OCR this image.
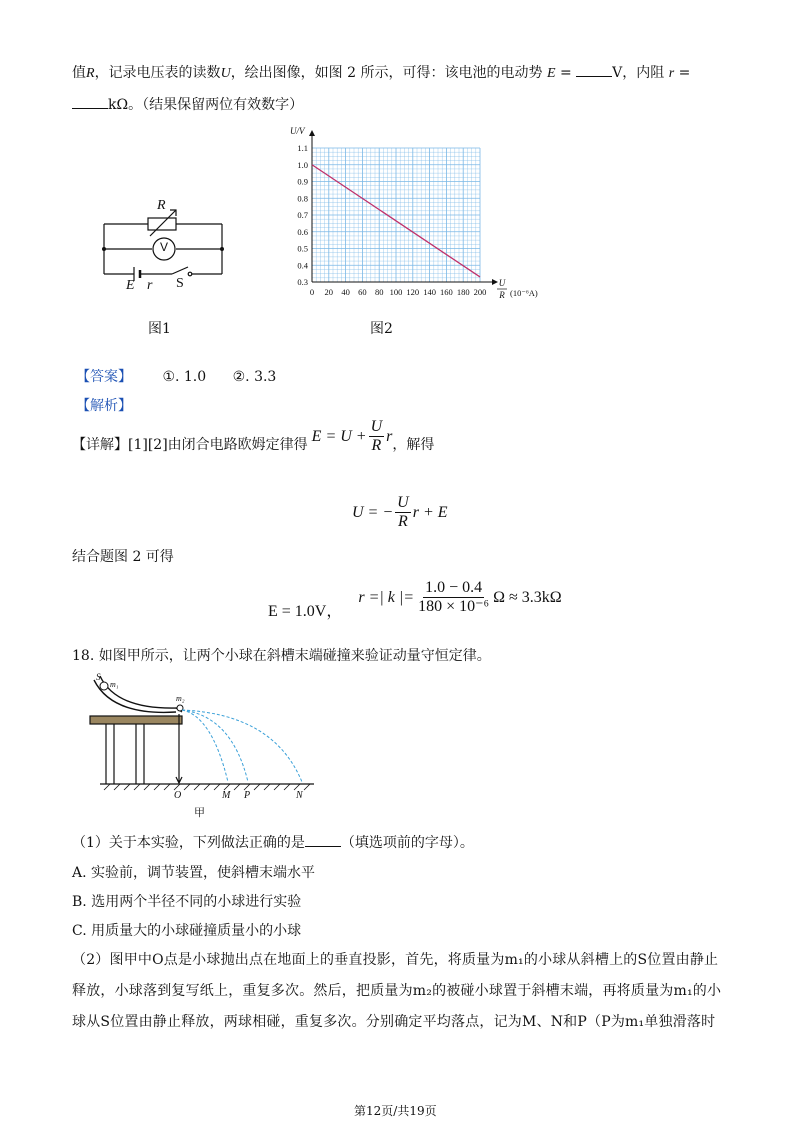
值R，记录电压表的读数U，绘出图像，如图 2 所示，可得：该电池的电动势 E =	V，内阻 r =
kΩ。（结果保留两位有效数字）
R
V
E r S
图1
0 20 40 60 80 100 120 140 160 180 200
0.3
0.4
0.5
0.6
0.7
0.8
0.9
1.0
1.1
U/V
U
R (10⁻⁶A)
图2
【答案】 ①. 1.0 ②. 3.3
【解析】
【详解】 [1][2]由闭合电路欧姆定律得 $E = U + \frac{U}{R}$ r ，解得
U = − $\frac{U}{R}$ r + E
结合题图 2 可得
E = 1.0V，
r =| k |= $\frac{1.0 - 0.4}{\text{180 × 10⁻⁶}}$ Ω ≈ 3.3kΩ
18. 如图甲所示，让两个小球在斜槽末端碰撞来验证动量守恒定律。
S
m₁
m₂
O	M P	N
甲
（1）关于本实验，下列做法正确的是	（填选项前的字母）。
A. 实验前，调节装置，使斜槽末端水平
B. 选用两个半径不同的小球进行实验
C. 用质量大的小球碰撞质量小的小球
（2）图甲中O点是小球抛出点在地面上的垂直投影，首先，将质量为m₁的小球从斜槽上的S位置由静止
释放，小球落到复写纸上，重复多次。然后，把质量为m₂的被碰小球置于斜槽末端，再将质量为m₁的小
球从S位置由静止释放，两球相碰，重复多次。分别确定平均落点，记为M、N和P（P为m₁单独滑落时
第12页/共19页
